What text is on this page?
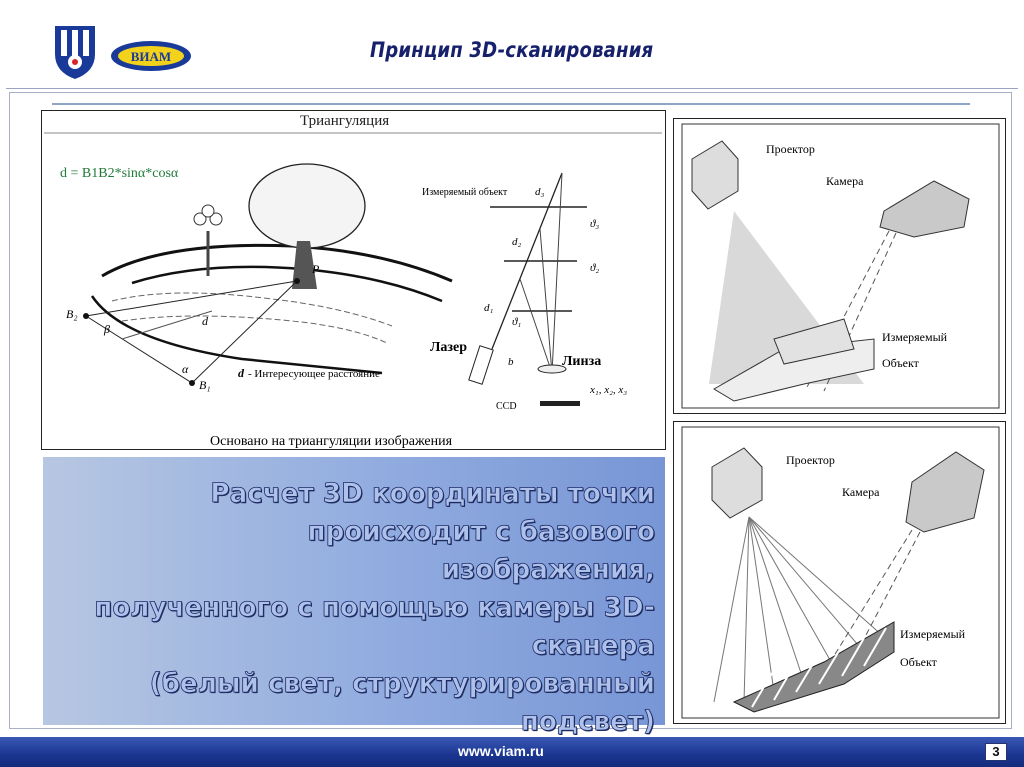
ВИАМ	Принцип 3D-сканирования
Триангуляция
d = B1B2*sinα*cosα
B₂
B₁
β
α
d
P
d - Интересующее расстояние
Измеряемый объект	d₃
d₂
d₁
ϑ₃
ϑ₂
ϑ₁
b
Лазер
Линза
CCD
x₁, x₂, x₃
Основано на триангуляции изображения
Проектор
Камера
Измеряемый
Объект
Проектор
Камера
Измеряемый
Объект
Расчет 3D координаты точки
происходит с базового изображения,
полученного с помощью камеры 3D-
сканера
(белый свет, структурированный
подсвет)
www.viam.ru	3
